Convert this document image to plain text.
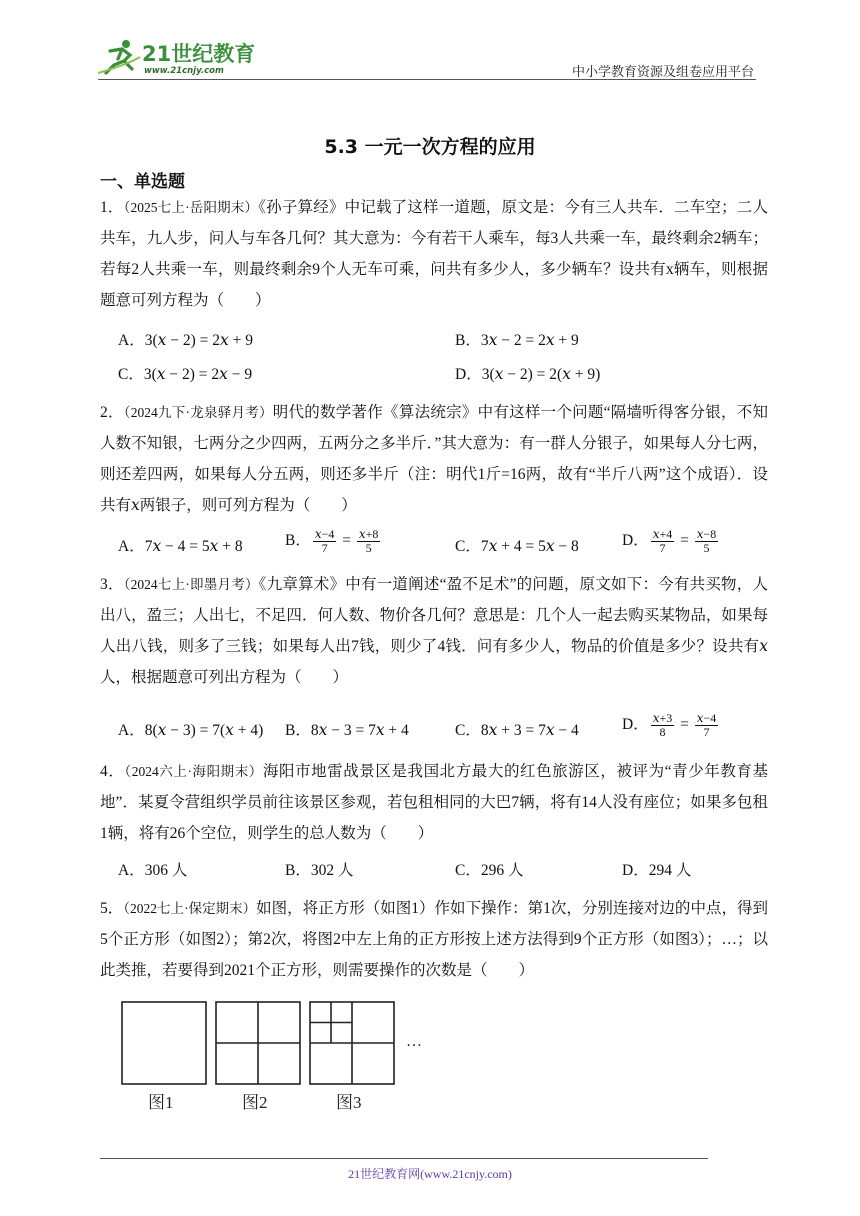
21世纪教育
www.21cnjy.com	中小学教育资源及组卷应用平台
5.3 一元一次方程的应用
一、单选题
1．（2025七上·岳阳期末）《孙子算经》中记载了这样一道题，原文是：今有三人共车．二车空；二人共车，九人步，问人与车各几何？其大意为：今有若干人乘车，每3人共乘一车，最终剩余2辆车；若每2人共乘一车，则最终剩余9个人无车可乘，问共有多少人，多少辆车？设共有x辆车，则根据题意可列方程为（　　）
A．3(𝑥 − 2) = 2𝑥 + 9	B．3𝑥 − 2 = 2𝑥 + 9
C．3(𝑥 − 2) = 2𝑥 − 9	D．3(𝑥 − 2) = 2(𝑥 + 9)
2．（2024九下·龙泉驿月考）明代的数学著作《算法统宗》中有这样一个问题“隔墙听得客分银，不知人数不知银，七两分之少四两，五两分之多半斤．”其大意为：有一群人分银子，如果每人分七两，则还差四两，如果每人分五两，则还多半斤（注：明代1斤=16两，故有“半斤八两”这个成语）．设共有𝑥两银子，则可列方程为（　　）
A．7𝑥 − 4 = 5𝑥 + 8	B． $\frac{\text{𝑥−4}}{7} = \frac{\text{𝑥+8}}{5}$	C．7𝑥 + 4 = 5𝑥 − 8	D． $\frac{\text{𝑥+4}}{7} = \frac{\text{𝑥−8}}{5}$
3．（2024七上·即墨月考）《九章算术》中有一道阐述“盈不足术”的问题，原文如下：今有共买物，人出八，盈三；人出七，不足四．何人数、物价各几何？意思是：几个人一起去购买某物品，如果每人出八钱，则多了三钱；如果每人出7钱，则少了4钱．问有多少人，物品的价值是多少？设共有𝑥人，根据题意可列出方程为（　　）
A．8(𝑥 − 3) = 7(𝑥 + 4) B．8𝑥 − 3 = 7𝑥 + 4	C．8𝑥 + 3 = 7𝑥 − 4	D． $\frac{\text{𝑥+3}}{8} = \frac{\text{𝑥−4}}{7}$
4．（2024六上·海阳期末）海阳市地雷战景区是我国北方最大的红色旅游区，被评为“青少年教育基地”．某夏令营组织学员前往该景区参观，若包租相同的大巴7辆，将有14人没有座位；如果多包租1辆，将有26个空位，则学生的总人数为（　　）
A．306 人	B．302 人	C．296 人	D．294 人
5．（2022七上·保定期末）如图，将正方形（如图1）作如下操作：第1次，分别连接对边的中点，得到5个正方形（如图2）；第2次，将图2中左上角的正方形按上述方法得到9个正方形（如图3）；…；以此类推，若要得到2021个正方形，则需要操作的次数是（　　）
…
图1	图2	图3
21世纪教育网(www.21cnjy.com)
